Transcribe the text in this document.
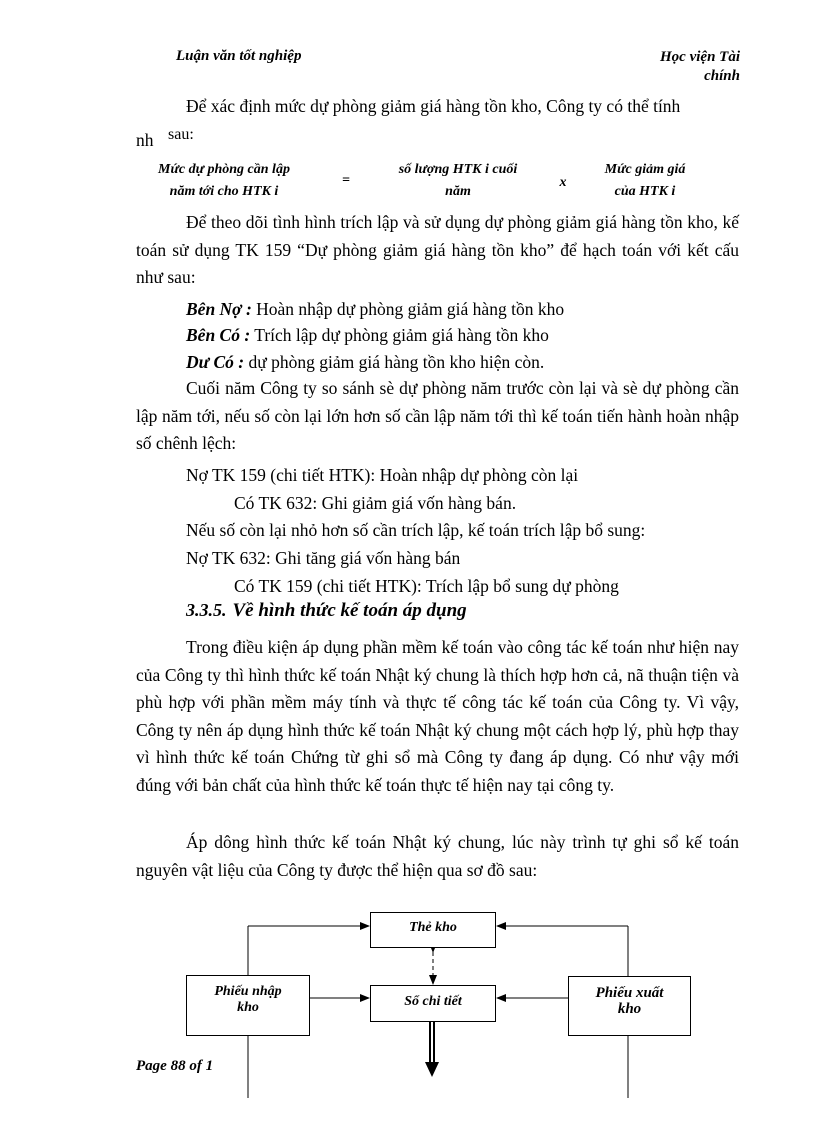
Luận văn tốt nghiệp	Học viện Tài
chính
Để xác định mức dự phòng giảm giá hàng tồn kho, Công ty có thể tính
nh sau:
Mức dự phòng cần lập
năm tới cho HTK i
=
số lượng HTK i cuối
năm
x
Mức giảm giá
của HTK i
Để theo dõi tình hình trích lập và sử dụng dự phòng giảm giá hàng tồn kho, kế toán sử dụng TK 159 “Dự phòng giảm giá hàng tồn kho” để hạch toán với kết cấu như sau:
Bên Nợ : Hoàn nhập dự phòng giảm giá hàng tồn kho
Bên Có : Trích lập dự phòng giảm giá hàng tồn kho
Dư Có : dự phòng giảm giá hàng tồn kho hiện còn.
Cuối năm Công ty so sánh sè dự phòng năm trước còn lại và sè dự phòng cần lập năm tới, nếu số còn lại lớn hơn số cần lập năm tới thì kế toán tiến hành hoàn nhập số chênh lệch:
Nợ TK 159 (chi tiết HTK): Hoàn nhập dự phòng còn lại
Có TK 632: Ghi giảm giá vốn hàng bán.
Nếu số còn lại nhỏ hơn số cần trích lập, kế toán trích lập bổ sung:
Nợ TK 632: Ghi tăng giá vốn hàng bán
Có TK 159 (chi tiết HTK): Trích lập bổ sung dự phòng
3.3.5. Về hình thức kế toán áp dụng
Trong điều kiện áp dụng phần mềm kế toán vào công tác kế toán như hiện nay của Công ty thì hình thức kế toán Nhật ký chung là thích hợp hơn cả, nã thuận tiện và phù hợp với phần mềm máy tính và thực tế công tác kế toán của Công ty. Vì vậy, Công ty nên áp dụng hình thức kế toán Nhật ký chung một cách hợp lý, phù hợp thay vì hình thức kế toán Chứng từ ghi sổ mà Công ty đang áp dụng. Có như vậy mới đúng với bản chất của hình thức kế toán thực tế hiện nay tại công ty.
Áp dông hình thức kế toán Nhật ký chung, lúc này trình tự ghi sổ kế toán nguyên vật liệu của Công ty được thể hiện qua sơ đồ sau:
Thẻ kho
Phiếu nhập
kho	Sổ chi tiết
Phiếu xuất
kho
Page 88 of 1
